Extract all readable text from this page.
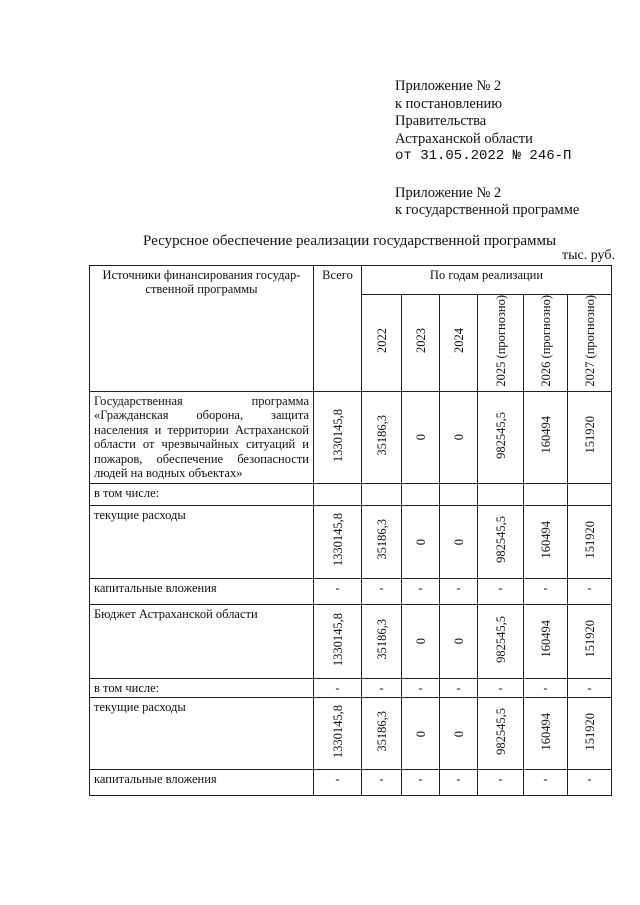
Приложение № 2
к постановлению
Правительства
Астраханской области
от 31.05.2022 № 246-П
Приложение № 2
к государственной программе
Ресурсное обеспечение реализации государственной программы
тыс. руб.
Источники финансирования государ-ственной программы	Всего	По годам реализации					
		2022	2023	2024	2025 (прогнозно)	2026 (прогнозно)	2027 (прогнозно)
Государственная программа «Гражданская оборона, защита населения и территории Астраханской области от чрезвычайных ситуаций и пожаров, обеспечение безопасности людей на водных объектах»	1330145,8	35186,3	0	0	982545,5	160494	151920
в том числе:							
текущие расходы	1330145,8	35186,3	0	0	982545,5	160494	151920
капитальные вложения	-	-	-	-	-	-	-
Бюджет Астраханской области	1330145,8	35186,3	0	0	982545,5	160494	151920
в том числе:	-	-	-	-	-	-	-
текущие расходы	1330145,8	35186,3	0	0	982545,5	160494	151920
капитальные вложения	-	-	-	-	-	-	-
